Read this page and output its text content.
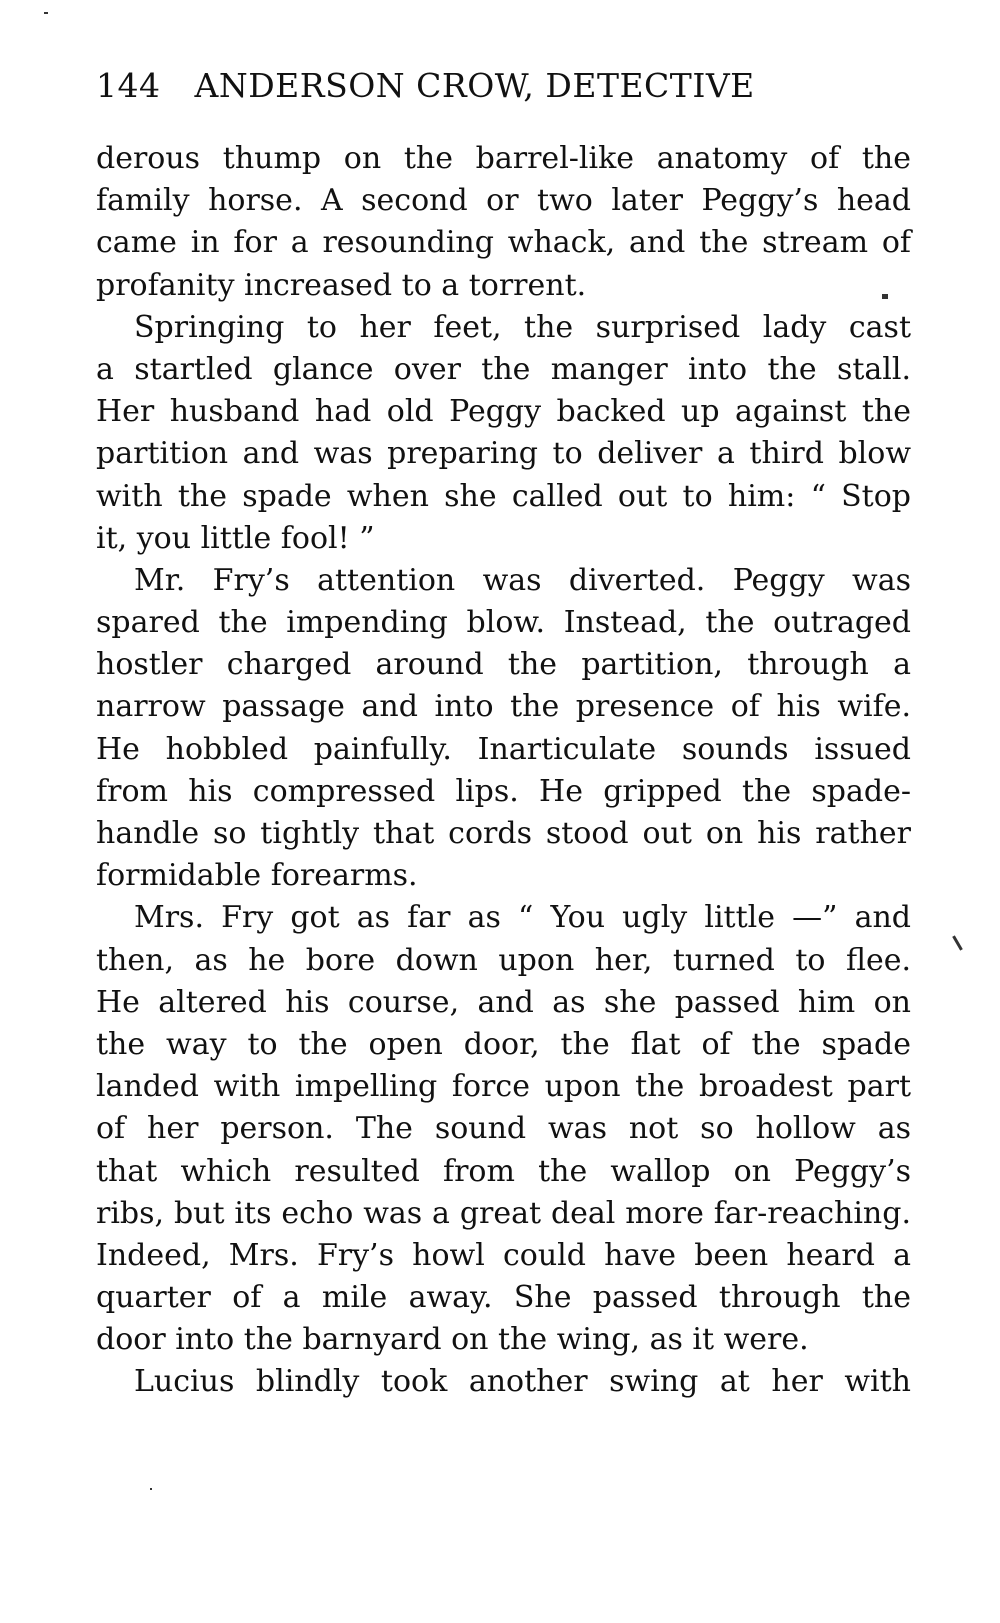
144 ANDERSON CROW, DETECTIVE
derous thump on the barrel-like anatomy of the
family horse. A second or two later Peggy’s head
came in for a resounding whack, and the stream of
profanity increased to a torrent.
Springing to her feet, the surprised lady cast
a startled glance over the manger into the stall.
Her husband had old Peggy backed up against the
partition and was preparing to deliver a third blow
with the spade when she called out to him: “ Stop
it, you little fool! ”
Mr. Fry’s attention was diverted. Peggy was
spared the impending blow. Instead, the outraged
hostler charged around the partition, through a
narrow passage and into the presence of his wife.
He hobbled painfully. Inarticulate sounds issued
from his compressed lips. He gripped the spade-
handle so tightly that cords stood out on his rather
formidable forearms.
Mrs. Fry got as far as “ You ugly little —” and
then, as he bore down upon her, turned to flee.
He altered his course, and as she passed him on
the way to the open door, the flat of the spade
landed with impelling force upon the broadest part
of her person. The sound was not so hollow as
that which resulted from the wallop on Peggy’s
ribs, but its echo was a great deal more far-reaching.
Indeed, Mrs. Fry’s howl could have been heard a
quarter of a mile away. She passed through the
door into the barnyard on the wing, as it were.
Lucius blindly took another swing at her with
